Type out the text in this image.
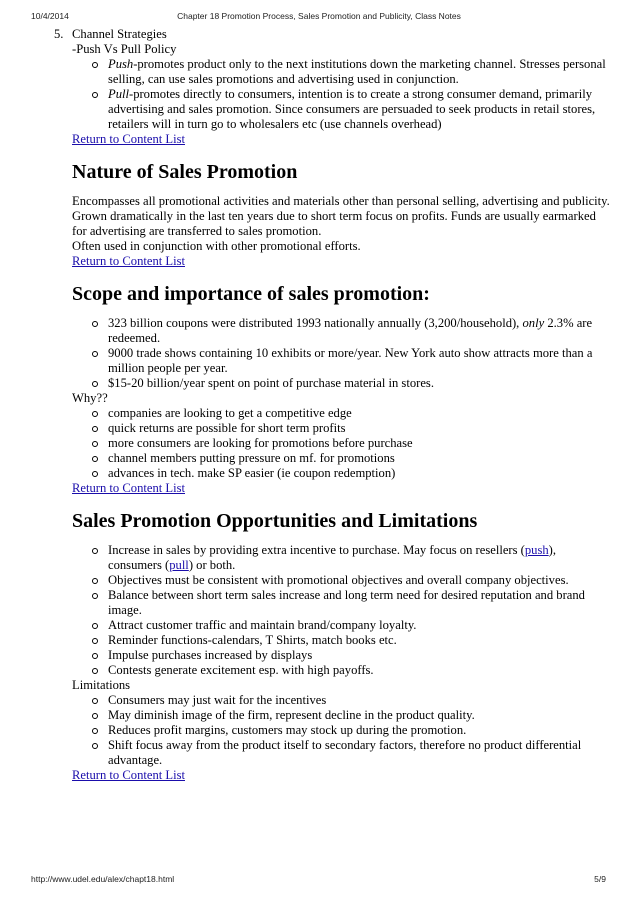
10/4/2014	Chapter 18 Promotion Process, Sales Promotion and Publicity, Class Notes
5. Channel Strategies
-Push Vs Pull Policy
Push-promotes product only to the next institutions down the marketing channel. Stresses personal selling, can use sales promotions and advertising used in conjunction.
Pull-promotes directly to consumers, intention is to create a strong consumer demand, primarily advertising and sales promotion. Since consumers are persuaded to seek products in retail stores, retailers will in turn go to wholesalers etc (use channels overhead)
Return to Content List
Nature of Sales Promotion
Encompasses all promotional activities and materials other than personal selling, advertising and publicity. Grown dramatically in the last ten years due to short term focus on profits. Funds are usually earmarked for advertising are transferred to sales promotion.
Often used in conjunction with other promotional efforts.
Return to Content List
Scope and importance of sales promotion:
323 billion coupons were distributed 1993 nationally annually (3,200/household), only 2.3% are redeemed.
9000 trade shows containing 10 exhibits or more/year. New York auto show attracts more than a million people per year.
$15-20 billion/year spent on point of purchase material in stores.
Why??
companies are looking to get a competitive edge
quick returns are possible for short term profits
more consumers are looking for promotions before purchase
channel members putting pressure on mf. for promotions
advances in tech. make SP easier (ie coupon redemption)
Return to Content List
Sales Promotion Opportunities and Limitations
Increase in sales by providing extra incentive to purchase. May focus on resellers (push), consumers (pull) or both.
Objectives must be consistent with promotional objectives and overall company objectives.
Balance between short term sales increase and long term need for desired reputation and brand image.
Attract customer traffic and maintain brand/company loyalty.
Reminder functions-calendars, T Shirts, match books etc.
Impulse purchases increased by displays
Contests generate excitement esp. with high payoffs.
Limitations
Consumers may just wait for the incentives
May diminish image of the firm, represent decline in the product quality.
Reduces profit margins, customers may stock up during the promotion.
Shift focus away from the product itself to secondary factors, therefore no product differential advantage.
Return to Content List
http://www.udel.edu/alex/chapt18.html	5/9
